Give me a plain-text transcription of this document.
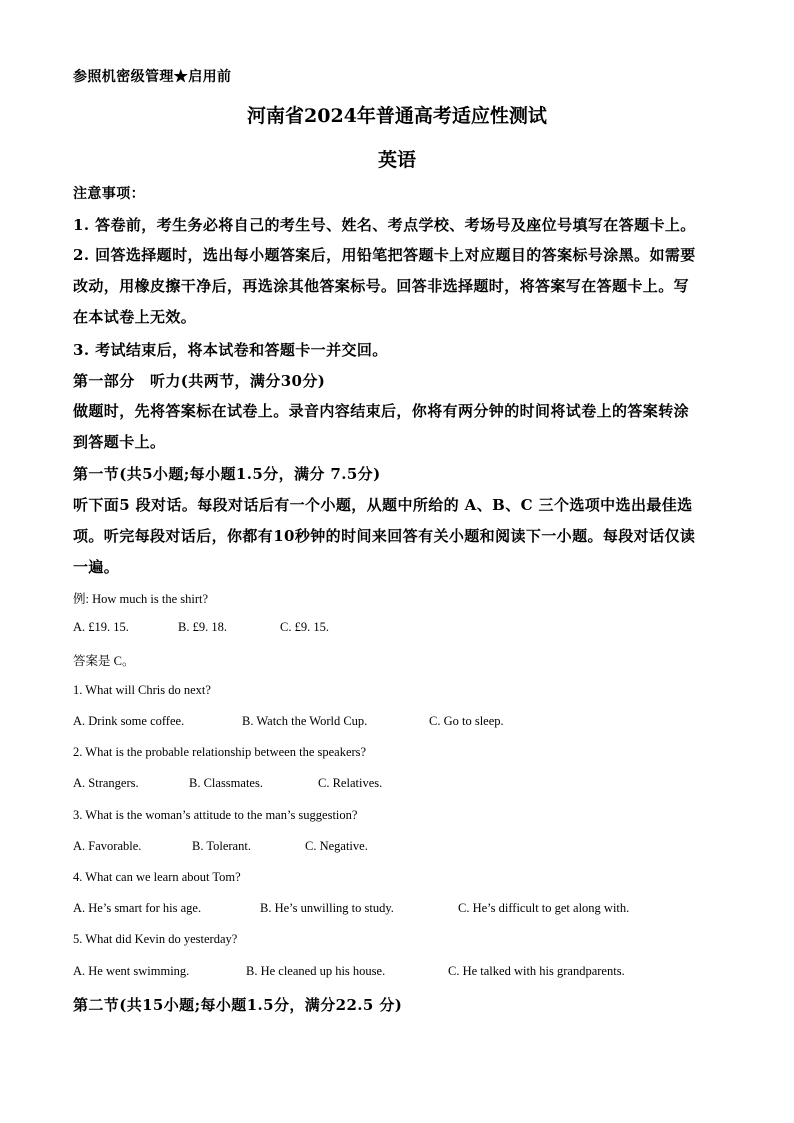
参照机密级管理★启用前
河南省2024年普通高考适应性测试
英语
注意事项：
1. 答卷前，考生务必将自己的考生号、姓名、考点学校、考场号及座位号填写在答题卡上。
2. 回答选择题时，选出每小题答案后，用铅笔把答题卡上对应题目的答案标号涂黑。如需要
改动，用橡皮擦干净后，再选涂其他答案标号。回答非选择题时，将答案写在答题卡上。写
在本试卷上无效。
3. 考试结束后，将本试卷和答题卡一并交回。
第一部分　听力(共两节，满分30分)
做题时，先将答案标在试卷上。录音内容结束后，你将有两分钟的时间将试卷上的答案转涂
到答题卡上。
第一节(共5小题;每小题1.5分，满分 7.5分)
听下面5 段对话。每段对话后有一个小题，从题中所给的 A、B、C 三个选项中选出最佳选
项。听完每段对话后，你都有10秒钟的时间来回答有关小题和阅读下一小题。每段对话仅读
一遍。
例: How much is the shirt?
A. £19. 15.	B. £9. 18.	C. £9. 15.
答案是 C。
1. What will Chris do next?
A. Drink some coffee.	B. Watch the World Cup.	C. Go to sleep.
2. What is the probable relationship between the speakers?
A. Strangers.	B. Classmates.	C. Relatives.
3. What is the woman’s attitude to the man’s suggestion?
A. Favorable.	B. Tolerant.	C. Negative.
4. What can we learn about Tom?
A. He’s smart for his age.	B. He’s unwilling to study.	C. He’s difficult to get along with.
5. What did Kevin do yesterday?
A. He went swimming.	B. He cleaned up his house.	C. He talked with his grandparents.
第二节(共15小题;每小题1.5分，满分22.5 分)
